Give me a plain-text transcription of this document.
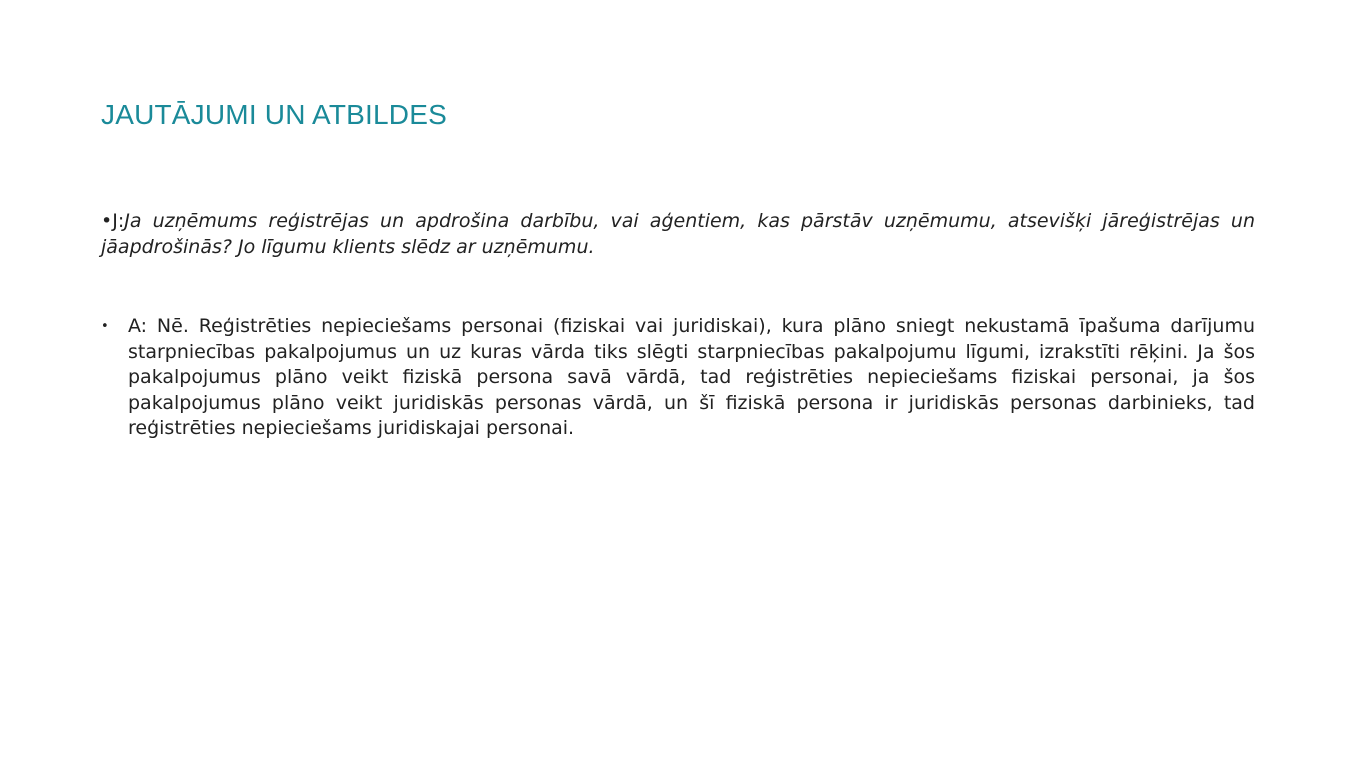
JAUTĀJUMI UN ATBILDES

•J:Ja uzņēmums reģistrējas un apdrošina darbību, vai aģentiem, kas pārstāv uzņēmumu, atsevišķi jāreģistrējas un jāapdrošinās? Jo līgumu klients slēdz ar uzņēmumu.

• A: Nē. Reģistrēties nepieciešams personai (fiziskai vai juridiskai), kura plāno sniegt nekustamā īpašuma darījumu starpniecības pakalpojumus un uz kuras vārda tiks slēgti starpniecības pakalpojumu līgumi, izrakstīti rēķini. Ja šos pakalpojumus plāno veikt fiziskā persona savā vārdā, tad reģistrēties nepieciešams fiziskai personai, ja šos pakalpojumus plāno veikt juridiskās personas vārdā, un šī fiziskā persona ir juridiskās personas darbinieks, tad reģistrēties nepieciešams juridiskajai personai.
